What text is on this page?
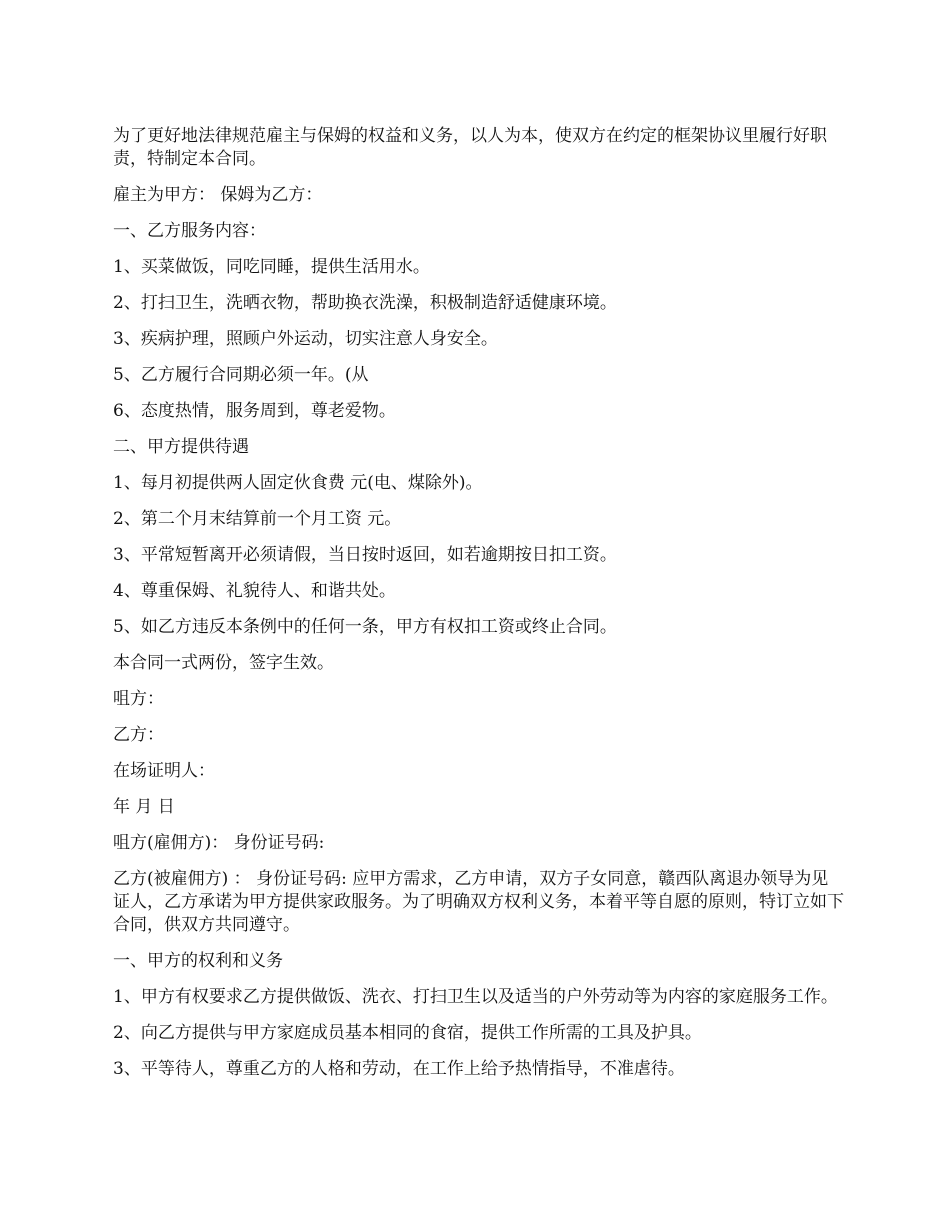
为了更好地法律规范雇主与保姆的权益和义务，以人为本，使双方在约定的框架协议里履行好职责，特制定本合同。

雇主为甲方： 保姆为乙方：

一、乙方服务内容：

1、买菜做饭，同吃同睡，提供生活用水。

2、打扫卫生，洗晒衣物，帮助换衣洗澡，积极制造舒适健康环境。

3、疾病护理，照顾户外运动，切实注意人身安全。

5、乙方履行合同期必须一年。(从

6、态度热情，服务周到，尊老爱物。

二、甲方提供待遇

1、每月初提供两人固定伙食费 元(电、煤除外)。

2、第二个月末结算前一个月工资 元。

3、平常短暂离开必须请假，当日按时返回，如若逾期按日扣工资。

4、尊重保姆、礼貌待人、和谐共处。

5、如乙方违反本条例中的任何一条，甲方有权扣工资或终止合同。

本合同一式两份，签字生效。

咀方：

乙方：

在场证明人：

年 月 日

咀方(雇佣方)： 身份证号码:

乙方(被雇佣方) ： 身份证号码: 应甲方需求，乙方申请，双方子女同意，赣西队离退办领导为见证人，乙方承诺为甲方提供家政服务。为了明确双方权利义务，本着平等自愿的原则，特订立如下合同，供双方共同遵守。

一、甲方的权利和义务

1、甲方有权要求乙方提供做饭、洗衣、打扫卫生以及适当的户外劳动等为内容的家庭服务工作。

2、向乙方提供与甲方家庭成员基本相同的食宿，提供工作所需的工具及护具。

3、平等待人，尊重乙方的人格和劳动，在工作上给予热情指导，不准虐待。
